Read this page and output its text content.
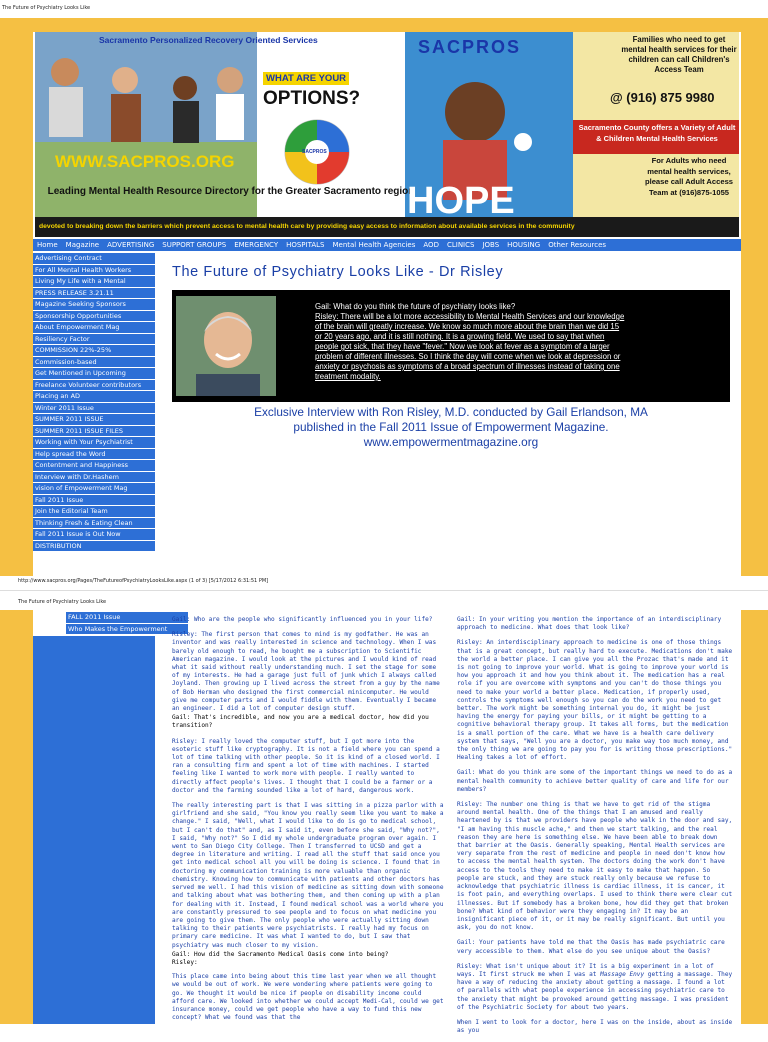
The Future of Psychiatry Looks Like
Sacramento Personalized Recovery Oriented Services
WHAT ARE YOUR
OPTIONS?
SACPROS
WWW.SACPROS.ORG
Leading Mental Health Resource Directory for the Greater Sacramento region
SACPROS
HOPE
Families who need to get mental health services for their children can call Children's Access Team
@ (916) 875 9980
Sacramento County offers a Variety of Adult & Children Mental Health Services
For Adults who need mental health services, please call Adult Access Team at (916)875-1055
devoted to breaking down the barriers which prevent access to mental health care by providing easy access to information about available services in the community
Home	Magazine	ADVERTISING	SUPPORT GROUPS	EMERGENCY	HOSPITALS	Mental Health Agencies	AOD	CLINICS	JOBS	HOUSING	Other Resources
Advertising Contract
For All Mental Health Workers
Living My Life with a Mental
PRESS RELEASE 3.21.11
Magazine Seeking Sponsors
Sponsorship Opportunities
About Empowerment Mag
Resiliency Factor
COMMISSION 22%-25%
Commission-based
Get Mentioned in Upcoming
Freelance Volunteer contributors
Placing an AD
Winter 2011 Issue
SUMMER 2011 ISSUE
SUMMER 2011 ISSUE FILES
Working with Your Psychiatrist
Help spread the Word
Contentment and Happiness
Interview with Dr.Hashem
vision of Empowerment Mag
Fall 2011 Issue
Join the Editorial Team
Thinking Fresh & Eating Clean
Fall 2011 Issue is Out Now
DISTRIBUTION
The Future of Psychiatry Looks Like - Dr Risley
Gail: What do you think the future of psychiatry looks like?
Risley: There will be a lot more accessibility to Mental Health Services and our knowledge
of the brain will greatly increase. We know so much more about the brain than we did 15
or 20 years ago, and it is still nothing. It is a growing field. We used to say that when
people got sick, that they have "fever." Now we look at fever as a symptom of a larger
problem of different illnesses. So I think the day will come when we look at depression or
anxiety or psychosis as symptoms of a broad spectrum of illnesses instead of taking one
treatment modality.
Exclusive Interview with Ron Risley, M.D. conducted by Gail Erlandson, MA
published in the Fall 2011 Issue of Empowerment Magazine.
www.empowermentmagazine.org
http://www.sacpros.org/Pages/TheFutureofPsychiatryLooksLike.aspx (1 of 3) [5/17/2012 6:31:51 PM]
The Future of Psychiatry Looks Like
FALL 2011 Issue
Who Makes the Empowerment

Gail: Who are the people who significantly influenced you in your life?

Risley: The first person that comes to mind is my godfather. He was an inventor and was really interested in science and technology. When I was barely old enough to read, he bought me a subscription to Scientific American magazine. I would look at the pictures and I would kind of read what it said without really understanding much. I set the stage for some of my interests. He had a garage just full of junk which I always called Joyland. Then growing up I lived across the street from a guy by the name of Bob Herman who designed the first commercial minicomputer. He would give me computer parts and I would fiddle with them. Eventually I became an engineer. I did a lot of computer design stuff.

Gail: That's incredible, and now you are a medical doctor, how did you transition?

Risley: I really loved the computer stuff, but I got more into the esoteric stuff like cryptography. It is not a field where you can spend a lot of time talking with other people. So it is kind of a closed world. I ran a consulting firm and spent a lot of time with machines. I started feeling like I wanted to work more with people. I really wanted to directly affect people's lives. I thought that I could be a farmer or a doctor and the farming sounded like a lot of hard, dangerous work.

The really interesting part is that I was sitting in a pizza parlor with a girlfriend and she said, "You know you really seem like you want to make a change." I said, "Well, what I would like to do is go to medical school, but I can't do that" and, as I said it, even before she said, "Why not?", I said, "Why not?" So I did my whole undergraduate program over again. I went to San Diego City College. Then I transferred to UCSD and get a degree in literature and writing. I read all the stuff that said once you get into medical school all you will be doing is science. I found that in doctoring my communication training is more valuable than organic chemistry. Knowing how to communicate with patients and other doctors has served me well. I had this vision of medicine as sitting down with someone and talking about what was bothering them, and then coming up with a plan for dealing with it. Instead, I found medical school was a world where you are constantly pressured to see people and to focus on what medicine you are going to give them. The only people who were actually sitting down talking to their patients were psychiatrists. I really had my focus on primary care medicine. It was what I wanted to do, but I saw that psychiatry was much closer to my vision.

Gail: How did the Sacramento Medical Oasis come into being?

Risley:

This place came into being about this time last year when we all thought we would be out of work. We were wondering where patients were going to go. We thought it would be nice if people on disability income could afford care. We looked into whether we could accept Medi-Cal, could we get insurance money, could we get people who have a way to fund this new concept? What we found was that the

Gail: In your writing you mention the importance of an interdisciplinary approach to medicine. What does that look like?

Risley: An interdisciplinary approach to medicine is one of those things that is a great concept, but really hard to execute. Medications don't make the world a better place. I can give you all the Prozac that's made and it is not going to improve your world. What is going to improve your world is how you approach it and how you think about it. The medication has a real role if you are overcome with symptoms and you can't do those things you need to make your world a better place. Medication, if properly used, controls the symptoms well enough so you can do the work you need to get better. The work might be something internal you do, it might be just having the energy for paying your bills, or it might be getting to a cognitive behavioral therapy group. It takes all forms, but the medication is a small portion of the care. What we have is a health care delivery system that says, "Well you are a doctor, you make way too much money, and the only thing we are going to pay you for is writing those prescriptions." Healing takes a lot of effort.

Gail: What do you think are some of the important things we need to do as a mental health community to achieve better quality of care and life for our members?

Risley: The number one thing is that we have to get rid of the stigma around mental health. One of the things that I am amused and really heartened by is that we providers have people who walk in the door and say, "I am having this muscle ache," and then we start talking, and the real reason they are here is something else. We have been able to break down that barrier at the Oasis. Generally speaking, Mental Health services are very separate from the rest of medicine and people in need don't know how to access the mental health system. The doctors doing the work don't have access to the tools they need to make it easy to make that happen. So people are stuck, and they are stuck really only because we refuse to acknowledge that psychiatric illness is cardiac illness, it is cancer, it is foot pain, and everything overlaps. I used to think there were clear cut illnesses. But if somebody has a broken bone, how did they get that broken bone? What kind of behavior were they engaging in? It may be an insignificant piece of it, or it may be really significant. But until you ask, you do not know.

Gail: Your patients have told me that the Oasis has made psychiatric care very accessible to them. What else do you see unique about the Oasis?

Risley: What isn't unique about it? It is a big experiment in a lot of ways. It first struck me when I was at Massage Envy getting a massage. They have a way of reducing the anxiety about getting a massage. I found a lot of parallels with what people experience in accessing psychiatric care to the anxiety that might be provoked around getting massage. I was president of the Psychiatric Society for about two years.

When I went to look for a doctor, here I was on the inside, about as inside as you
